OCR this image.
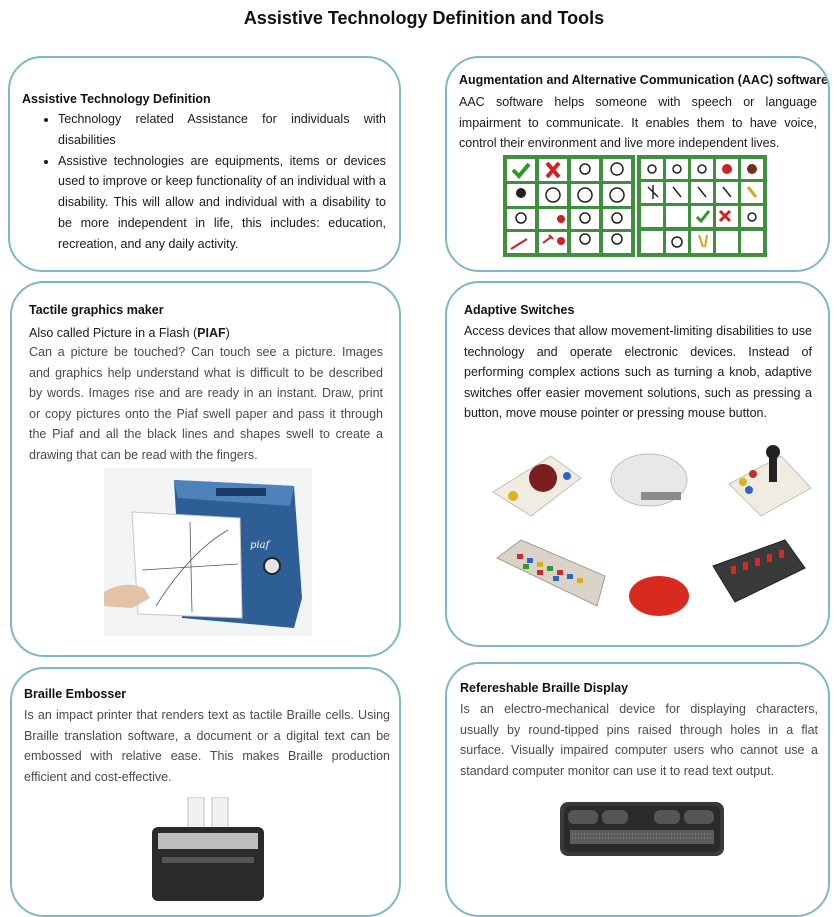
Assistive Technology Definition and Tools
Assistive Technology Definition
• Technology related Assistance for individuals with disabilities
• Assistive technologies are equipments, items or devices used to improve or keep functionality of an individual with a disability. This will allow and individual with a disability to be more independent in life, this includes: education, recreation, and any daily activity.
Augmentation and Alternative Communication (AAC) software

AAC software helps someone with speech or language impairment to communicate. It enables them to have voice, control their environment and live more independent lives.

Tactile graphics maker
Also called Picture in a Flash (PIAF)

Can a picture be touched? Can touch see a picture. Images and graphics help understand what is difficult to be described by words. Images rise and are ready in an instant. Draw, print or copy pictures onto the Piaf swell paper and pass it through the Piaf and all the black lines and shapes swell to create a drawing that can be read with the fingers.

piaf
Adaptive Switches

Access devices that allow movement-limiting disabilities to use technology and operate electronic devices. Instead of performing complex actions such as turning a knob, adaptive switches offer easier movement solutions, such as pressing a button, move mouse pointer or pressing mouse button.

Braille Embosser

Is an impact printer that renders text as tactile Braille cells. Using Braille translation software, a document or a digital text can be embossed with relative ease. This makes Braille production efficient and cost-effective.

Refereshable Braille Display

Is an electro-mechanical device for displaying characters, usually by round-tipped pins raised through holes in a flat surface. Visually impaired computer users who cannot use a standard computer monitor can use it to read text output.
